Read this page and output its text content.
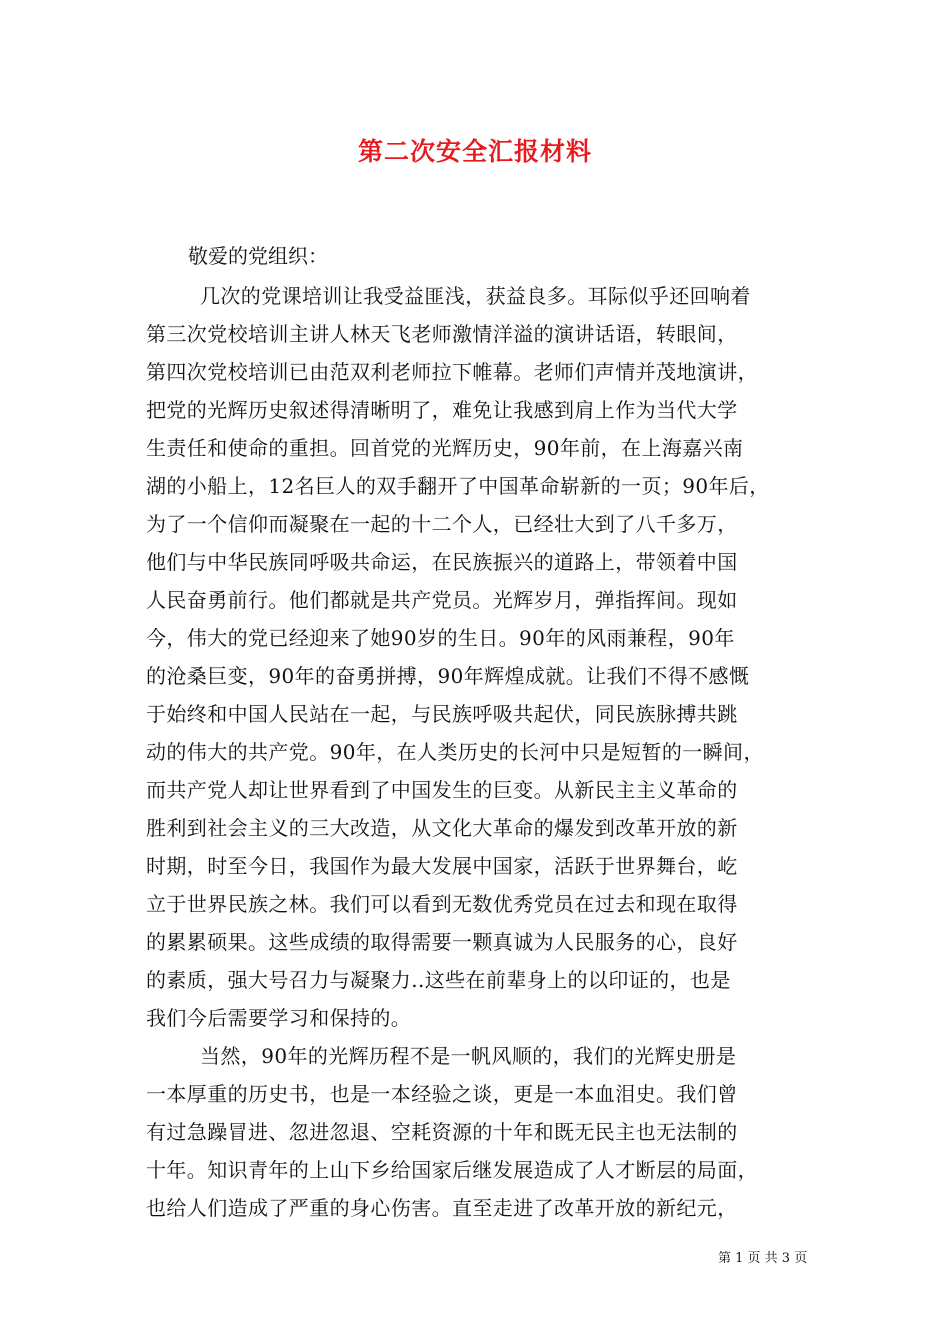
第二次安全汇报材料
敬爱的党组织：
几次的党课培训让我受益匪浅，获益良多。耳际似乎还回响着
第三次党校培训主讲人林天飞老师激情洋溢的演讲话语，转眼间，
第四次党校培训已由范双利老师拉下帷幕。老师们声情并茂地演讲，
把党的光辉历史叙述得清晰明了，难免让我感到肩上作为当代大学
生责任和使命的重担。回首党的光辉历史，90年前，在上海嘉兴南
湖的小船上，12名巨人的双手翻开了中国革命崭新的一页；90年后，
为了一个信仰而凝聚在一起的十二个人，已经壮大到了八千多万，
他们与中华民族同呼吸共命运，在民族振兴的道路上，带领着中国
人民奋勇前行。他们都就是共产党员。光辉岁月，弹指挥间。现如
今，伟大的党已经迎来了她90岁的生日。90年的风雨兼程，90年
的沧桑巨变，90年的奋勇拼搏，90年辉煌成就。让我们不得不感慨
于始终和中国人民站在一起，与民族呼吸共起伏，同民族脉搏共跳
动的伟大的共产党。90年，在人类历史的长河中只是短暂的一瞬间，
而共产党人却让世界看到了中国发生的巨变。从新民主主义革命的
胜利到社会主义的三大改造，从文化大革命的爆发到改革开放的新
时期，时至今日，我国作为最大发展中国家，活跃于世界舞台，屹
立于世界民族之林。我们可以看到无数优秀党员在过去和现在取得
的累累硕果。这些成绩的取得需要一颗真诚为人民服务的心，良好
的素质，强大号召力与凝聚力..这些在前辈身上的以印证的，也是
我们今后需要学习和保持的。
当然，90年的光辉历程不是一帆风顺的，我们的光辉史册是
一本厚重的历史书，也是一本经验之谈，更是一本血泪史。我们曾
有过急躁冒进、忽进忽退、空耗资源的十年和既无民主也无法制的
十年。知识青年的上山下乡给国家后继发展造成了人才断层的局面，
也给人们造成了严重的身心伤害。直至走进了改革开放的新纪元，
第 1 页 共 3 页
